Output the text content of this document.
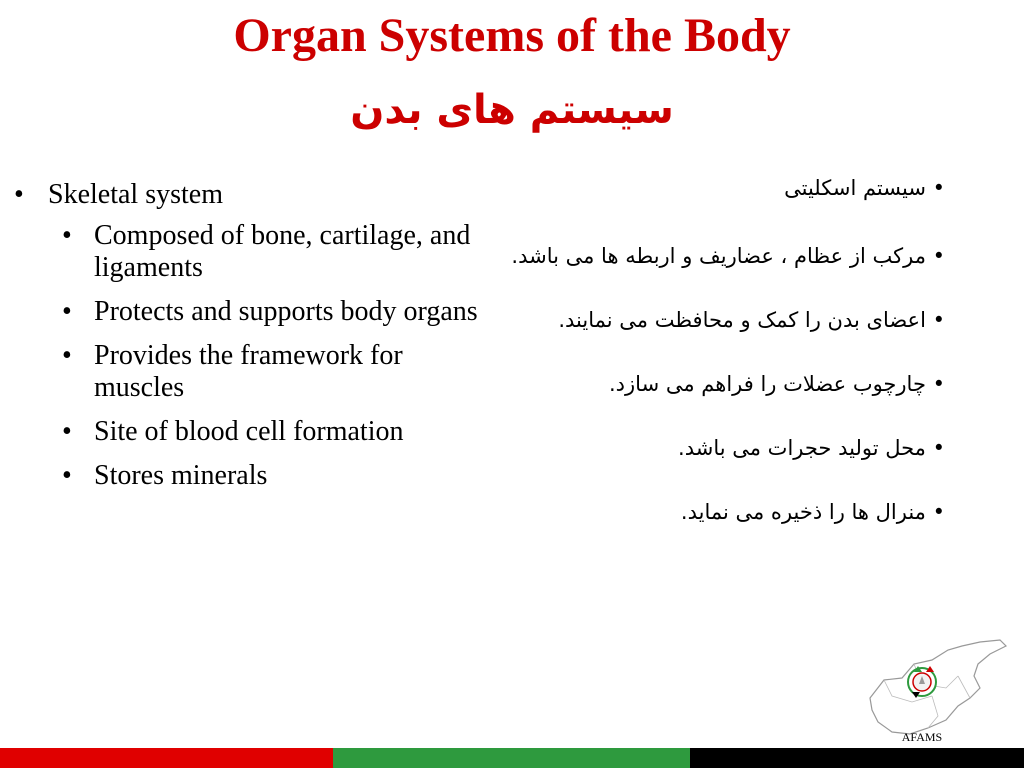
Organ Systems of the Body
سیستم های بدن
• Skeletal system
• Composed of bone, cartilage, and ligaments
• Protects and supports body organs
• Provides the framework for muscles
• Site of blood cell formation
• Stores minerals

• سیستم اسکلیتی

• مرکب از عظام ، عضاریف و اربطه ها می باشد.

• اعضای بدن را کمک و محافظت می نمایند.

• چارچوب عضلات را فراهم می سازد.

• محل تولید حجرات می باشد.

• منرال ها را ذخیره می نماید.

AFAMS
